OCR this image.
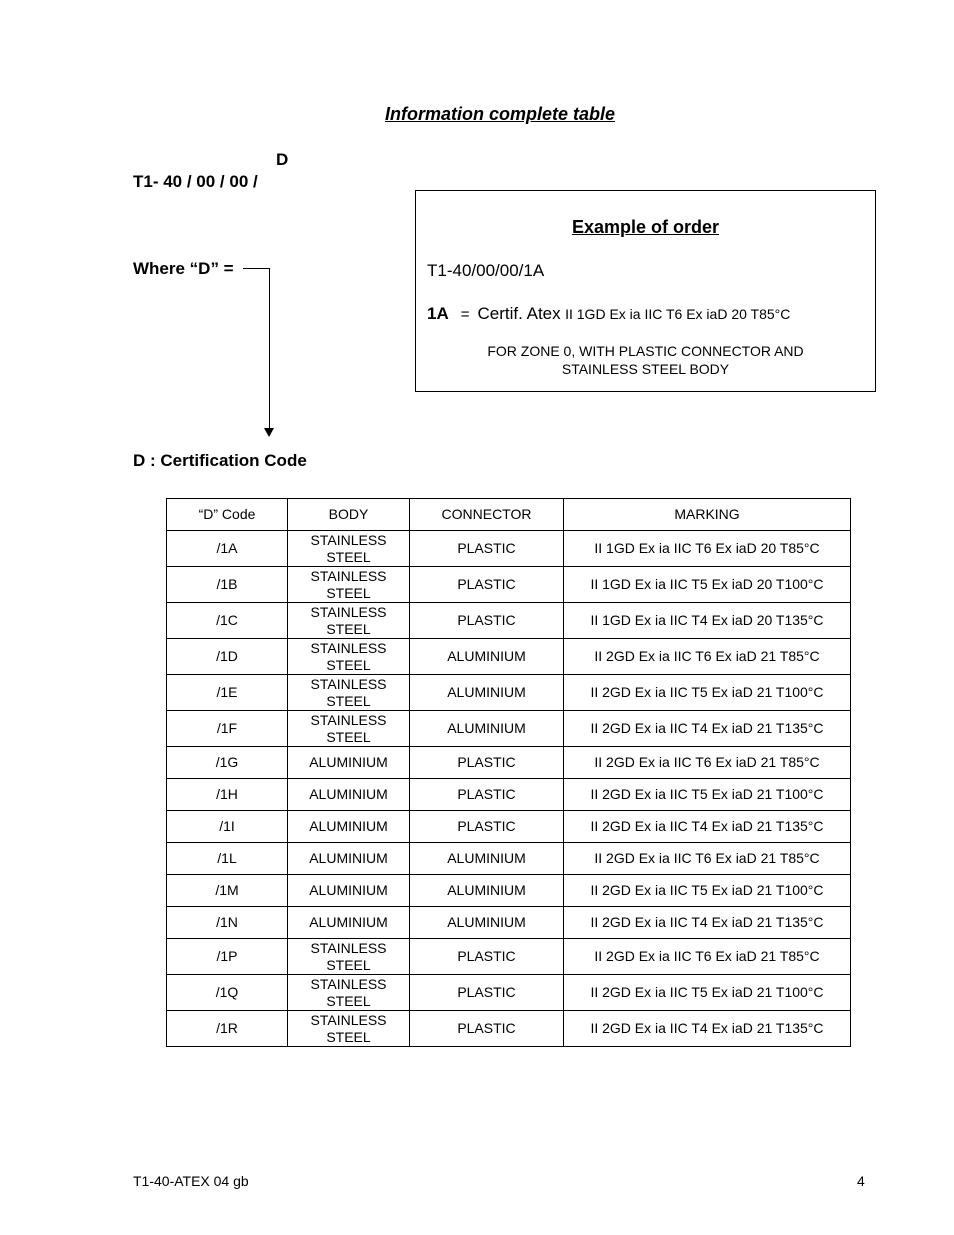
Information complete table
D
T1- 40 / 00 / 00 /
Where “D” =
D : Certification Code
Example of order
T1-40/00/00/1A
1A = Certif. Atex II 1GD Ex ia IIC T6 Ex iaD 20 T85°C
FOR ZONE 0, WITH PLASTIC CONNECTOR AND
STAINLESS STEEL BODY
“D” Code	BODY	CONNECTOR	MARKING
/1A	STAINLESS
STEEL	PLASTIC	II 1GD Ex ia IIC T6 Ex iaD 20 T85°C
/1B	STAINLESS
STEEL	PLASTIC	II 1GD Ex ia IIC T5 Ex iaD 20 T100°C
/1C	STAINLESS
STEEL	PLASTIC	II 1GD Ex ia IIC T4 Ex iaD 20 T135°C
/1D	STAINLESS
STEEL	ALUMINIUM	II 2GD Ex ia IIC T6 Ex iaD 21 T85°C
/1E	STAINLESS
STEEL	ALUMINIUM	II 2GD Ex ia IIC T5 Ex iaD 21 T100°C
/1F	STAINLESS
STEEL	ALUMINIUM	II 2GD Ex ia IIC T4 Ex iaD 21 T135°C
/1G	ALUMINIUM	PLASTIC	II 2GD Ex ia IIC T6 Ex iaD 21 T85°C
/1H	ALUMINIUM	PLASTIC	II 2GD Ex ia IIC T5 Ex iaD 21 T100°C
/1I	ALUMINIUM	PLASTIC	II 2GD Ex ia IIC T4 Ex iaD 21 T135°C
/1L	ALUMINIUM	ALUMINIUM	II 2GD Ex ia IIC T6 Ex iaD 21 T85°C
/1M	ALUMINIUM	ALUMINIUM	II 2GD Ex ia IIC T5 Ex iaD 21 T100°C
/1N	ALUMINIUM	ALUMINIUM	II 2GD Ex ia IIC T4 Ex iaD 21 T135°C
/1P	STAINLESS
STEEL	PLASTIC	II 2GD Ex ia IIC T6 Ex iaD 21 T85°C
/1Q	STAINLESS
STEEL	PLASTIC	II 2GD Ex ia IIC T5 Ex iaD 21 T100°C
/1R	STAINLESS
STEEL	PLASTIC	II 2GD Ex ia IIC T4 Ex iaD 21 T135°C
T1-40-ATEX 04 gb	4
